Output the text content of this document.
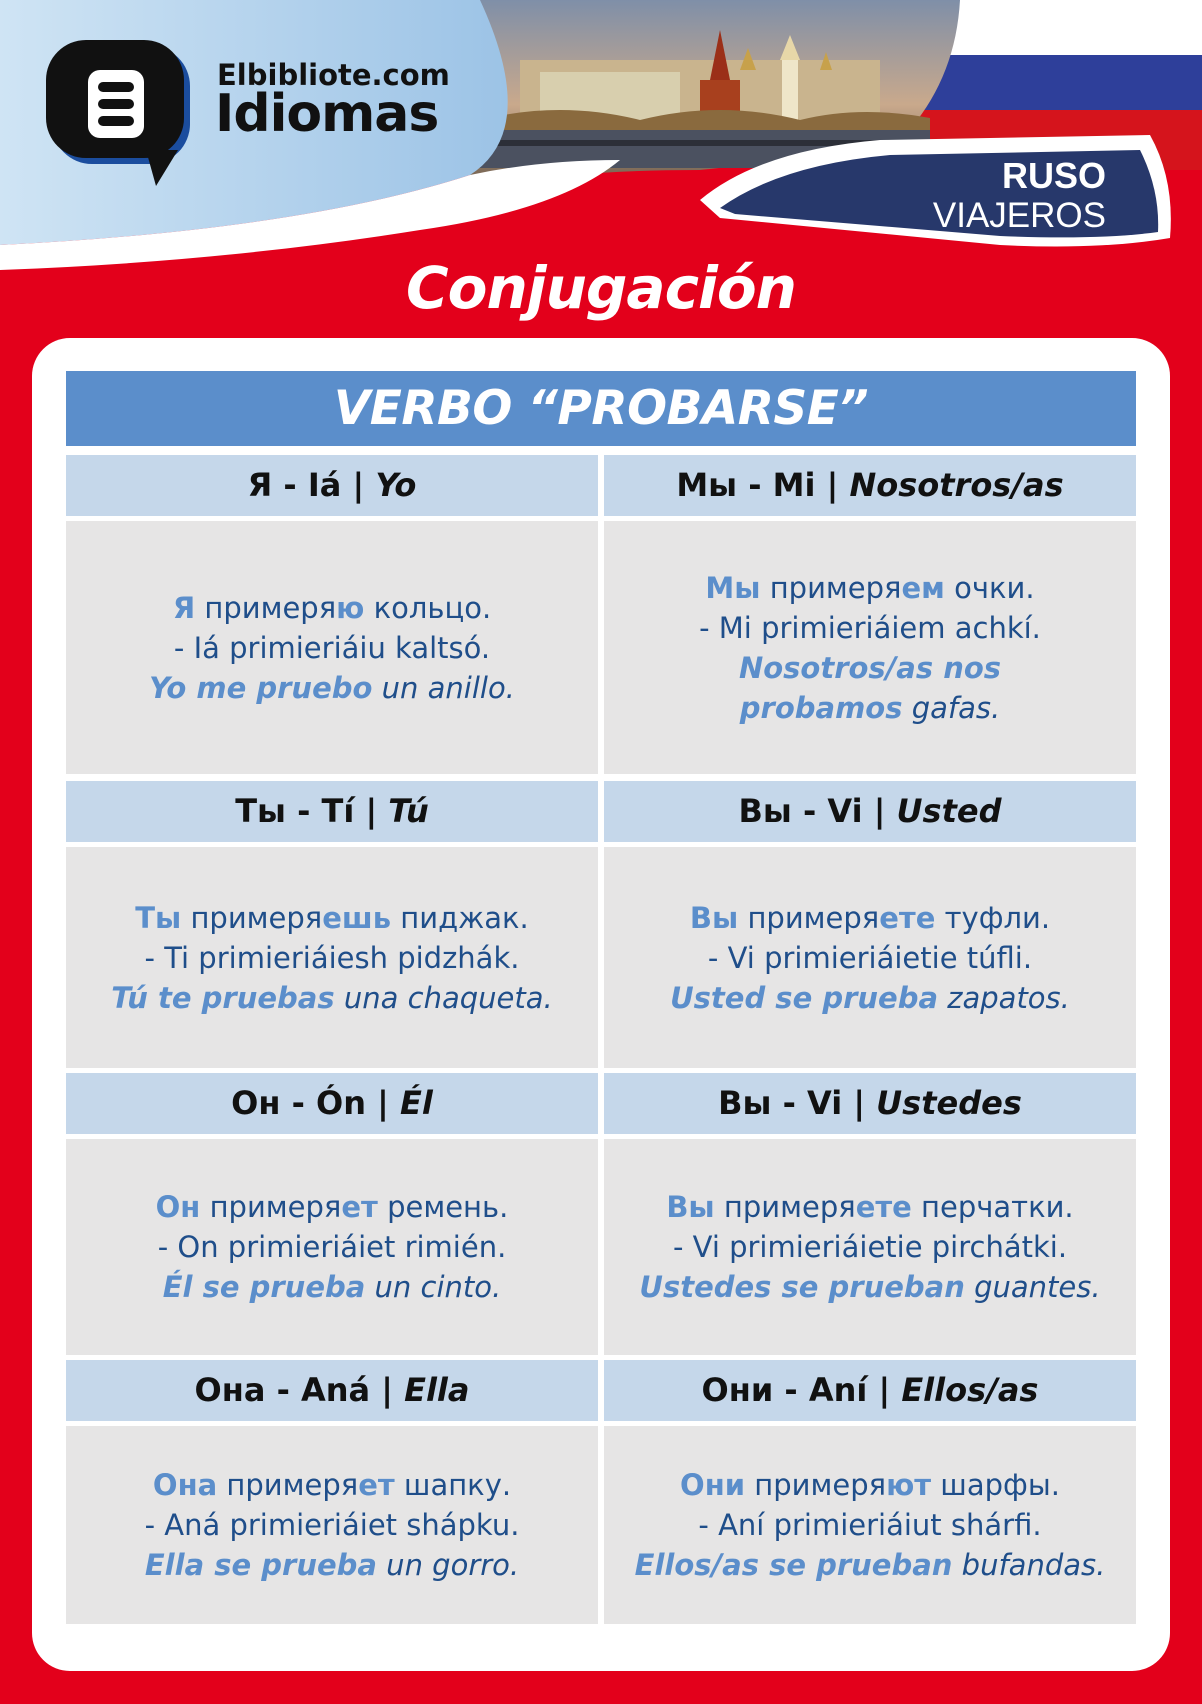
Elbibliote.com
Idiomas
RUSO
VIAJEROS
Conjugación
VERBO “PROBARSE”
Я - Iá | Yo	Мы - Mi | Nosotros/as
Я примеряю кольцо.
- Iá primieriáiu kaltsó.
Yo me pruebo un anillo.
Мы примеряем очки.
- Mi primieriáiem achkí.
Nosotros/as nos probamos gafas.
Ты - Tí | Tú	Вы - Vi | Usted
Ты примеряешь пиджак.
- Ti primieriáiesh pidzhák.
Tú te pruebas una chaqueta.
Вы примеряете туфли.
- Vi primieriáietie túfli.
Usted se prueba zapatos.
Он - Ón | Él	Вы - Vi | Ustedes
Он примеряет ремень.
- On primieriáiet rimién.
Él se prueba un cinto.
Вы примеряете перчатки.
- Vi primieriáietie pirchátki.
Ustedes se prueban guantes.
Она - Aná | Ella	Они - Aní | Ellos/as
Она примеряет шапку.
- Aná primieriáiet shápku.
Ella se prueba un gorro.
Они примеряют шарфы.
- Aní primieriáiut shárfi.
Ellos/as se prueban bufandas.
